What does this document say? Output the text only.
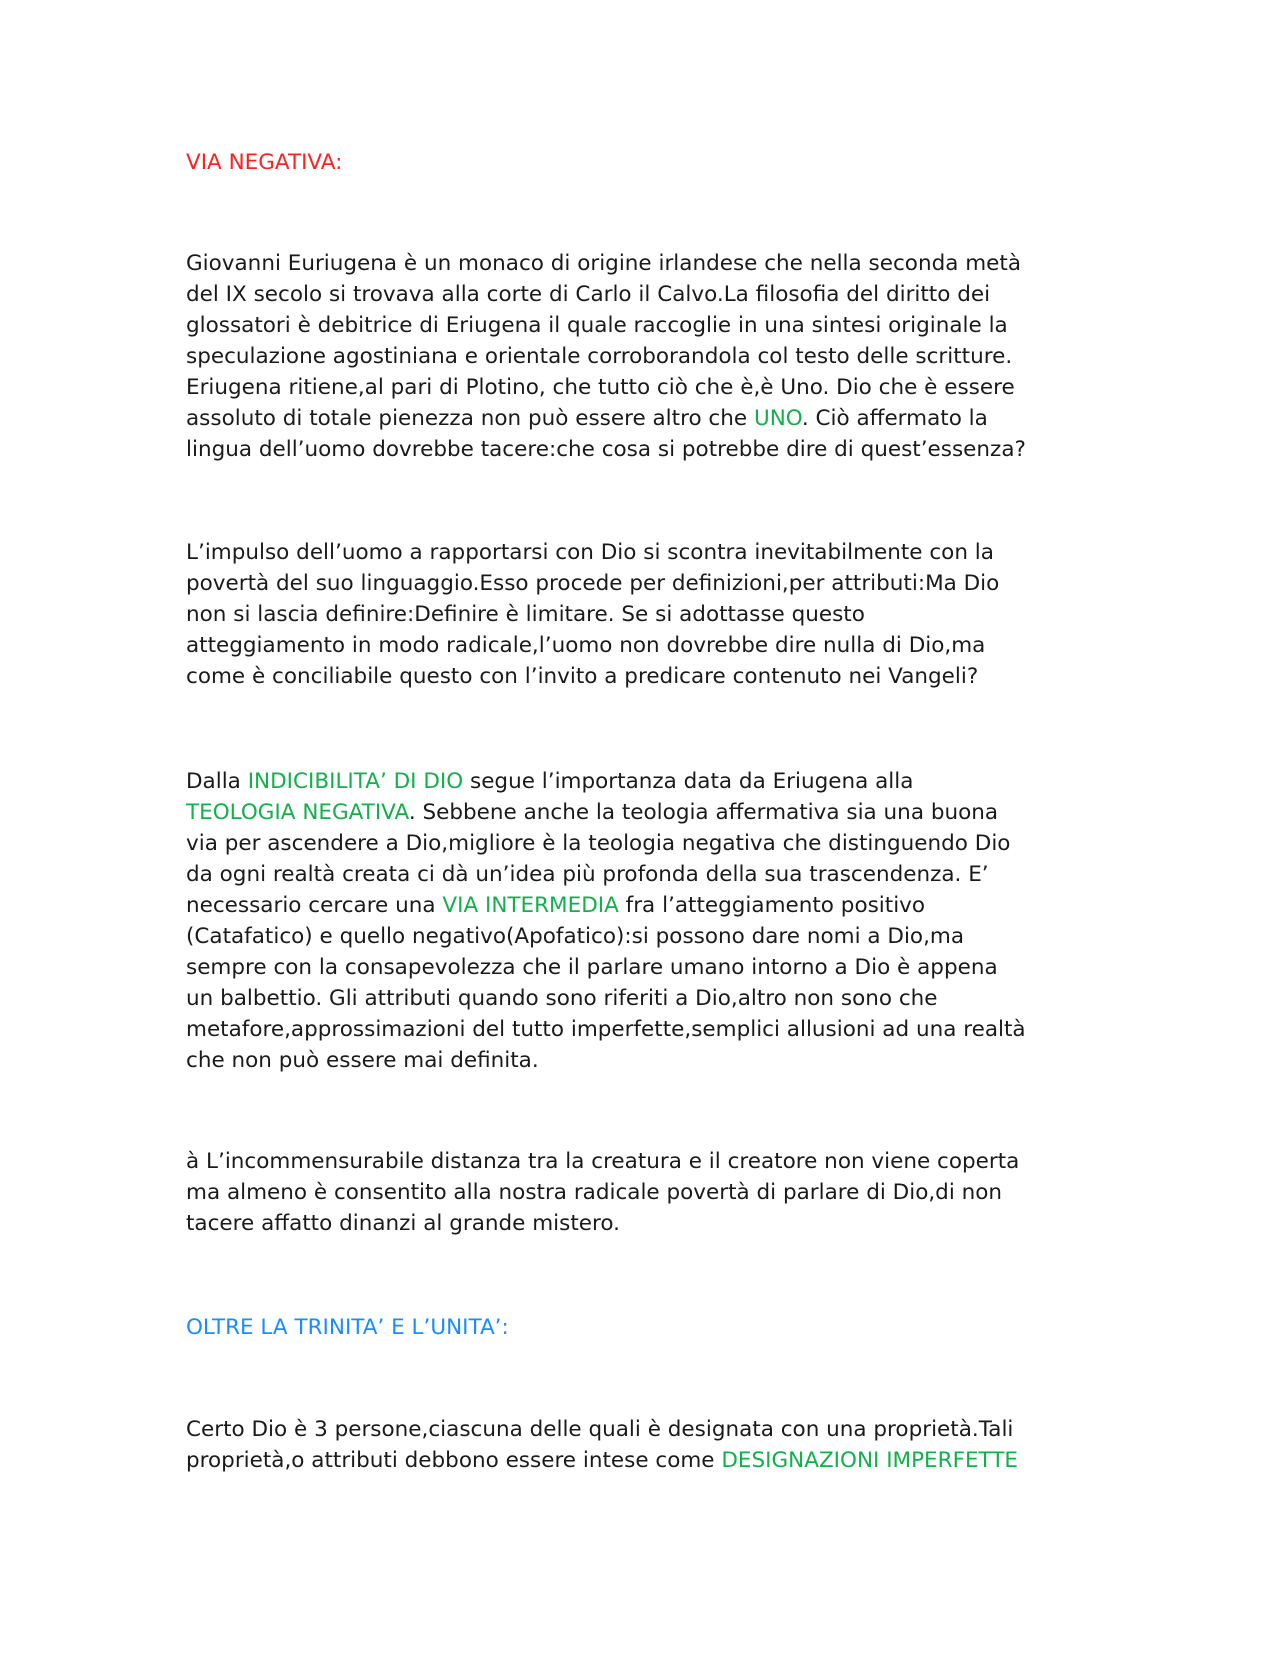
VIA NEGATIVA:
Giovanni Euriugena è un monaco di origine irlandese che nella seconda metà
del IX secolo si trovava alla corte di Carlo il Calvo.La filosofia del diritto dei
glossatori è debitrice di Eriugena il quale raccoglie in una sintesi originale la
speculazione agostiniana e orientale corroborandola col testo delle scritture.
Eriugena ritiene,al pari di Plotino, che tutto ciò che è,è Uno. Dio che è essere
assoluto di totale pienezza non può essere altro che UNO. Ciò affermato la
lingua dell’uomo dovrebbe tacere:che cosa si potrebbe dire di quest’essenza?
L’impulso dell’uomo a rapportarsi con Dio si scontra inevitabilmente con la
povertà del suo linguaggio.Esso procede per definizioni,per attributi:Ma Dio
non si lascia definire:Definire è limitare. Se si adottasse questo
atteggiamento in modo radicale,l’uomo non dovrebbe dire nulla di Dio,ma
come è conciliabile questo con l’invito a predicare contenuto nei Vangeli?
Dalla INDICIBILITA’ DI DIO segue l’importanza data da Eriugena alla
TEOLOGIA NEGATIVA. Sebbene anche la teologia affermativa sia una buona
via per ascendere a Dio,migliore è la teologia negativa che distinguendo Dio
da ogni realtà creata ci dà un’idea più profonda della sua trascendenza. E’
necessario cercare una VIA INTERMEDIA fra l’atteggiamento positivo
(Catafatico) e quello negativo(Apofatico):si possono dare nomi a Dio,ma
sempre con la consapevolezza che il parlare umano intorno a Dio è appena
un balbettio. Gli attributi quando sono riferiti a Dio,altro non sono che
metafore,approssimazioni del tutto imperfette,semplici allusioni ad una realtà
che non può essere mai definita.
à L’incommensurabile distanza tra la creatura e il creatore non viene coperta
ma almeno è consentito alla nostra radicale povertà di parlare di Dio,di non
tacere affatto dinanzi al grande mistero.
OLTRE LA TRINITA’ E L’UNITA’:
Certo Dio è 3 persone,ciascuna delle quali è designata con una proprietà.Tali
proprietà,o attributi debbono essere intese come DESIGNAZIONI IMPERFETTE
